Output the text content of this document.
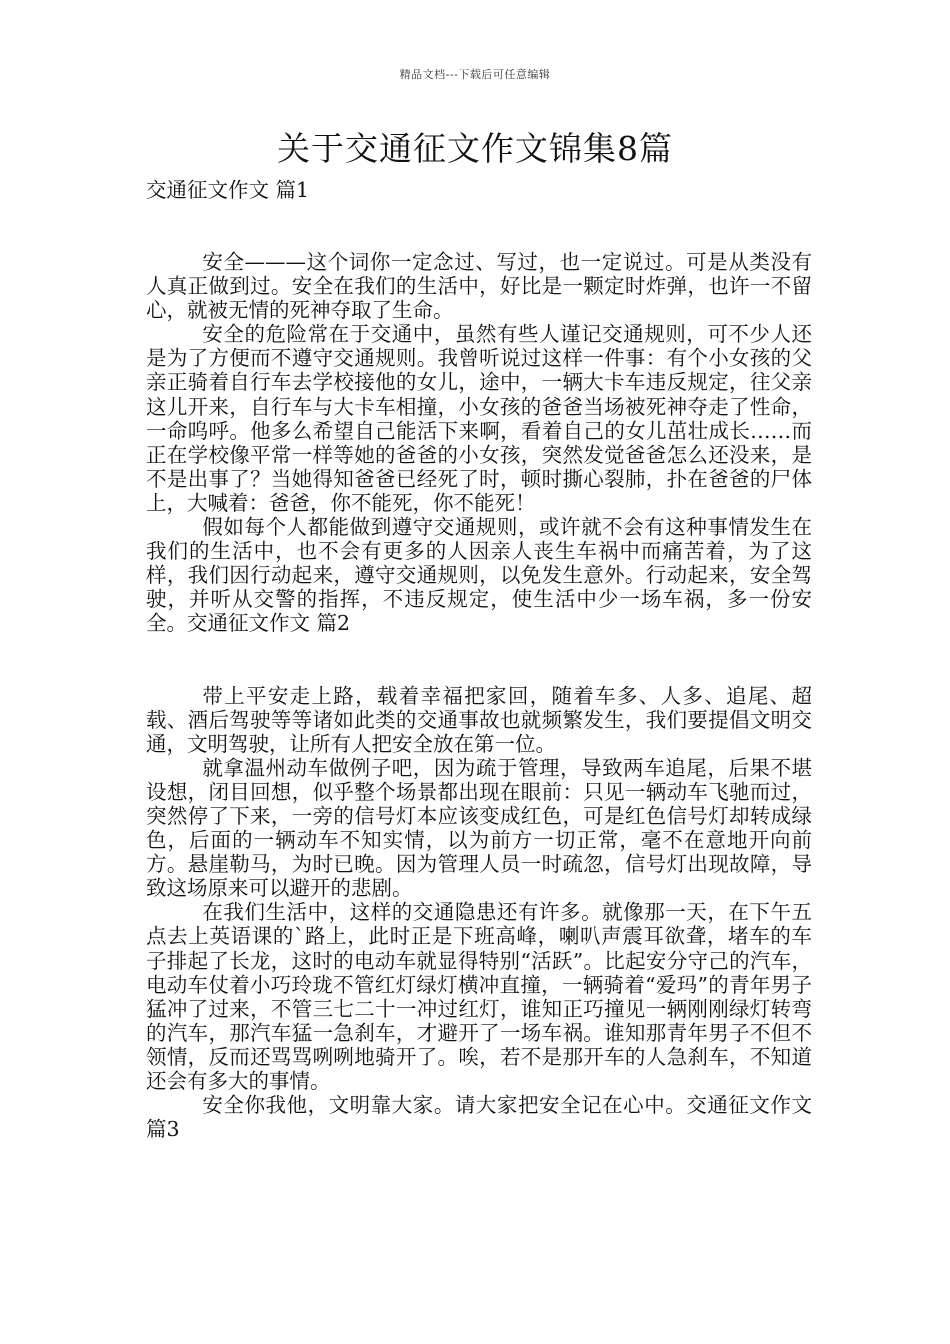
精品文档---下载后可任意编辑
关于交通征文作文锦集8篇
交通征文作文 篇1

安全———这个词你一定念过、写过，也一定说过。可是从类没有人真正做到过。安全在我们的生活中，好比是一颗定时炸弹，也许一不留心，就被无情的死神夺取了生命。

安全的危险常在于交通中，虽然有些人谨记交通规则，可不少人还是为了方便而不遵守交通规则。我曾听说过这样一件事：有个小女孩的父亲正骑着自行车去学校接他的女儿，途中，一辆大卡车违反规定，往父亲这儿开来，自行车与大卡车相撞，小女孩的爸爸当场被死神夺走了性命，一命呜呼。他多么希望自己能活下来啊，看着自己的女儿茁壮成长……而正在学校像平常一样等她的爸爸的小女孩，突然发觉爸爸怎么还没来，是不是出事了？当她得知爸爸已经死了时，顿时撕心裂肺，扑在爸爸的尸体上，大喊着：爸爸，你不能死，你不能死！

假如每个人都能做到遵守交通规则，或许就不会有这种事情发生在我们的生活中，也不会有更多的人因亲人丧生车祸中而痛苦着，为了这样，我们因行动起来，遵守交通规则，以免发生意外。行动起来，安全驾驶，并听从交警的指挥，不违反规定，使生活中少一场车祸，多一份安全。交通征文作文 篇2

带上平安走上路，载着幸福把家回，随着车多、人多、追尾、超载、酒后驾驶等等诸如此类的交通事故也就频繁发生，我们要提倡文明交通，文明驾驶，让所有人把安全放在第一位。

就拿温州动车做例子吧，因为疏于管理，导致两车追尾，后果不堪设想，闭目回想，似乎整个场景都出现在眼前：只见一辆动车飞驰而过，突然停了下来，一旁的信号灯本应该变成红色，可是红色信号灯却转成绿色，后面的一辆动车不知实情，以为前方一切正常，毫不在意地开向前方。悬崖勒马，为时已晚。因为管理人员一时疏忽，信号灯出现故障，导致这场原来可以避开的悲剧。

在我们生活中，这样的交通隐患还有许多。就像那一天，在下午五点去上英语课的`路上，此时正是下班高峰，喇叭声震耳欲聋，堵车的车子排起了长龙，这时的电动车就显得特别“活跃”。比起安分守己的汽车，电动车仗着小巧玲珑不管红灯绿灯横冲直撞，一辆骑着“爱玛”的青年男子猛冲了过来，不管三七二十一冲过红灯，谁知正巧撞见一辆刚刚绿灯转弯的汽车，那汽车猛一急刹车，才避开了一场车祸。谁知那青年男子不但不领情，反而还骂骂咧咧地骑开了。唉，若不是那开车的人急刹车，不知道还会有多大的事情。

安全你我他，文明靠大家。请大家把安全记在心中。交通征文作文 篇3
